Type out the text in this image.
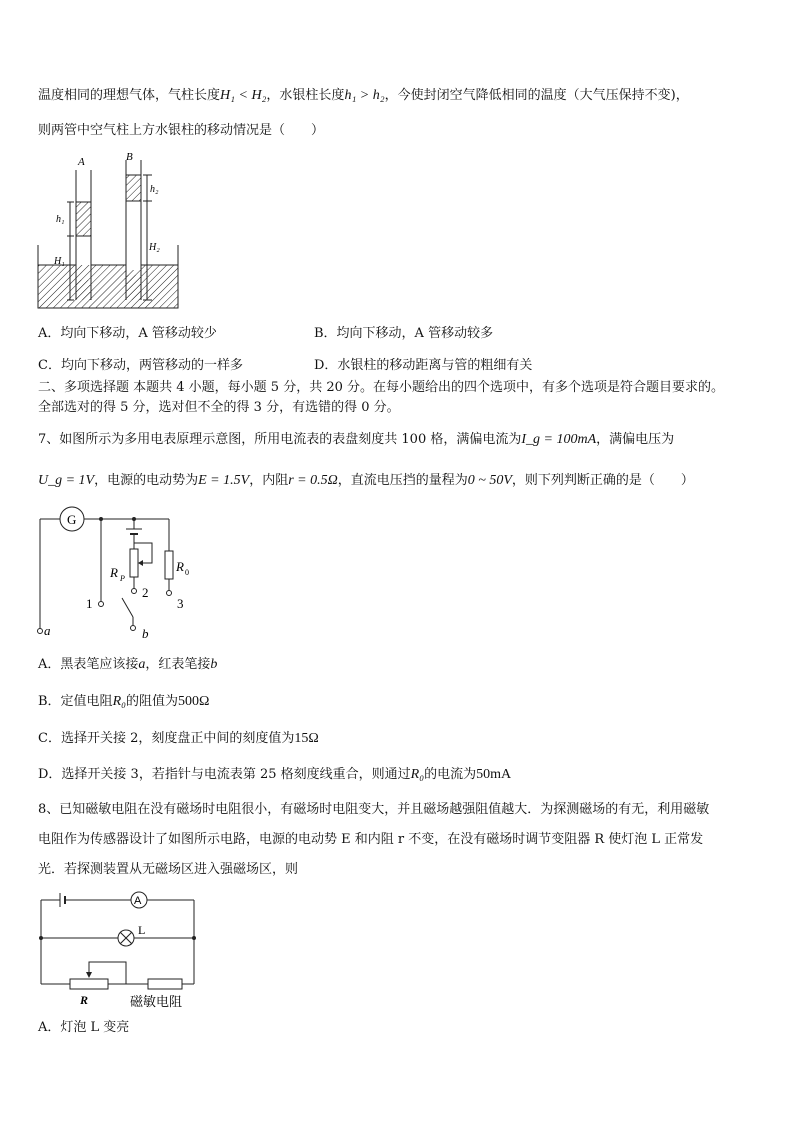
温度相同的理想气体，气柱长度H₁ < H₂，水银柱长度h₁ > h₂，今使封闭空气降低相同的温度（大气压保持不变)，
则两管中空气柱上方水银柱的移动情况是（　　）
A	B
h₁
h₂
H₁
H₂
A．均向下移动，A 管移动较少	B．均向下移动，A 管移动较多
C．均向下移动，两管移动的一样多	D．水银柱的移动距离与管的粗细有关
二、多项选择题 本题共 4 小题，每小题 5 分，共 20 分。在每小题给出的四个选项中，有多个选项是符合题目要求的。
全部选对的得 5 分，选对但不全的得 3 分，有选错的得 0 分。
7、如图所示为多用电表原理示意图，所用电流表的表盘刻度共 100 格，满偏电流为I_g = 100mA，满偏电压为
U_g = 1V，电源的电动势为E = 1.5V，内阻r = 0.5Ω，直流电压挡的量程为0 ~ 50V，则下列判断正确的是（　　）
G
R P
R 0
1
2
3
a	b
A．黑表笔应该接a，红表笔接b
B．定值电阻R₀的阻值为500Ω
C．选择开关接 2，刻度盘正中间的刻度值为15Ω
D．选择开关接 3，若指针与电流表第 25 格刻度线重合，则通过R₀的电流为50mA
8、已知磁敏电阻在没有磁场时电阻很小，有磁场时电阻变大，并且磁场越强阻值越大．为探测磁场的有无，利用磁敏
电阻作为传感器设计了如图所示电路，电源的电动势 E 和内阻 r 不变，在没有磁场时调节变阻器 R 使灯泡 L 正常发
光．若探测装置从无磁场区进入强磁场区，则
A
L
R	磁敏电阻
A．灯泡 L 变亮
